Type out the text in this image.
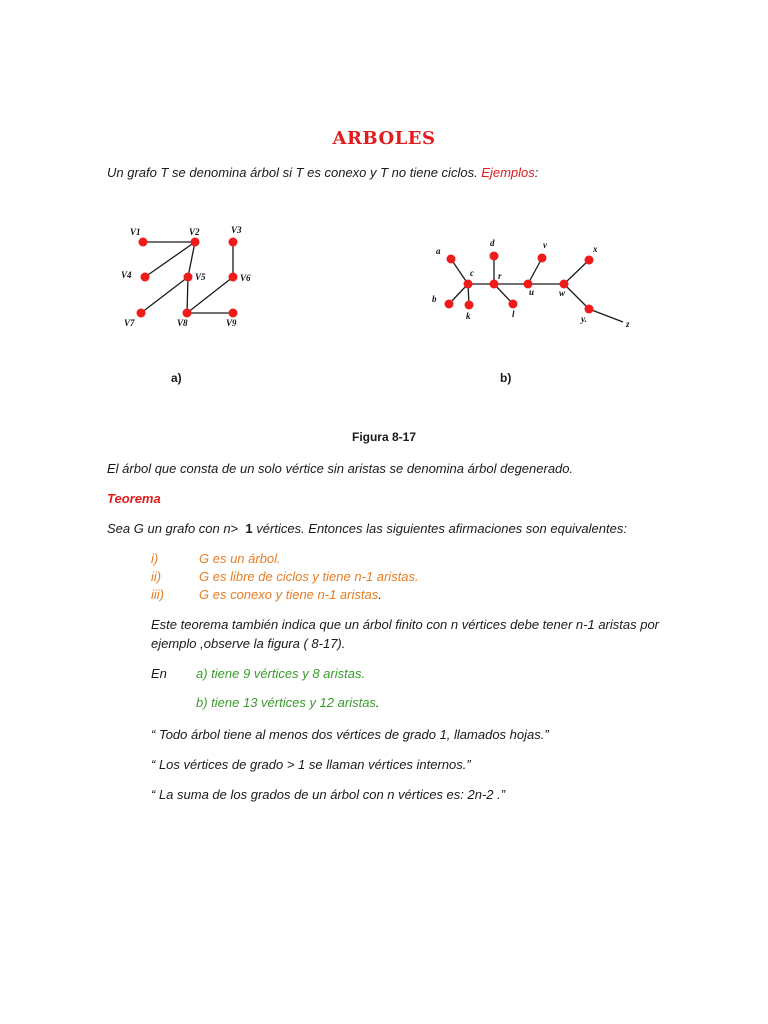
ARBOLES
Un grafo T se denomina árbol si T es conexo y T no tiene ciclos. Ejemplos:
V1	V2	V3
V4	V5	V6
V7	V8	V9
a
b
c
k
d
r
l
v
u
x
w
y.	z
a)	b)
Figura 8-17
El árbol que consta de un solo vértice sin aristas se denomina árbol degenerado.
Teorema
Sea G un grafo con n> 1 vértices. Entonces las siguientes afirmaciones son equivalentes:
i)	G es un árbol.
ii)	G es libre de ciclos y tiene n-1 aristas.
iii)	G es conexo y tiene n-1 aristas.
Este teorema también indica que un árbol finito con n vértices debe tener n-1 aristas por
ejemplo ,observe la figura ( 8-17).
En a) tiene 9 vértices y 8 aristas.
b) tiene 13 vértices y 12 aristas.
“ Todo árbol tiene al menos dos vértices de grado 1, llamados hojas.”
“ Los vértices de grado > 1 se llaman vértices internos.”
“ La suma de los grados de un árbol con n vértices es: 2n-2 .”
